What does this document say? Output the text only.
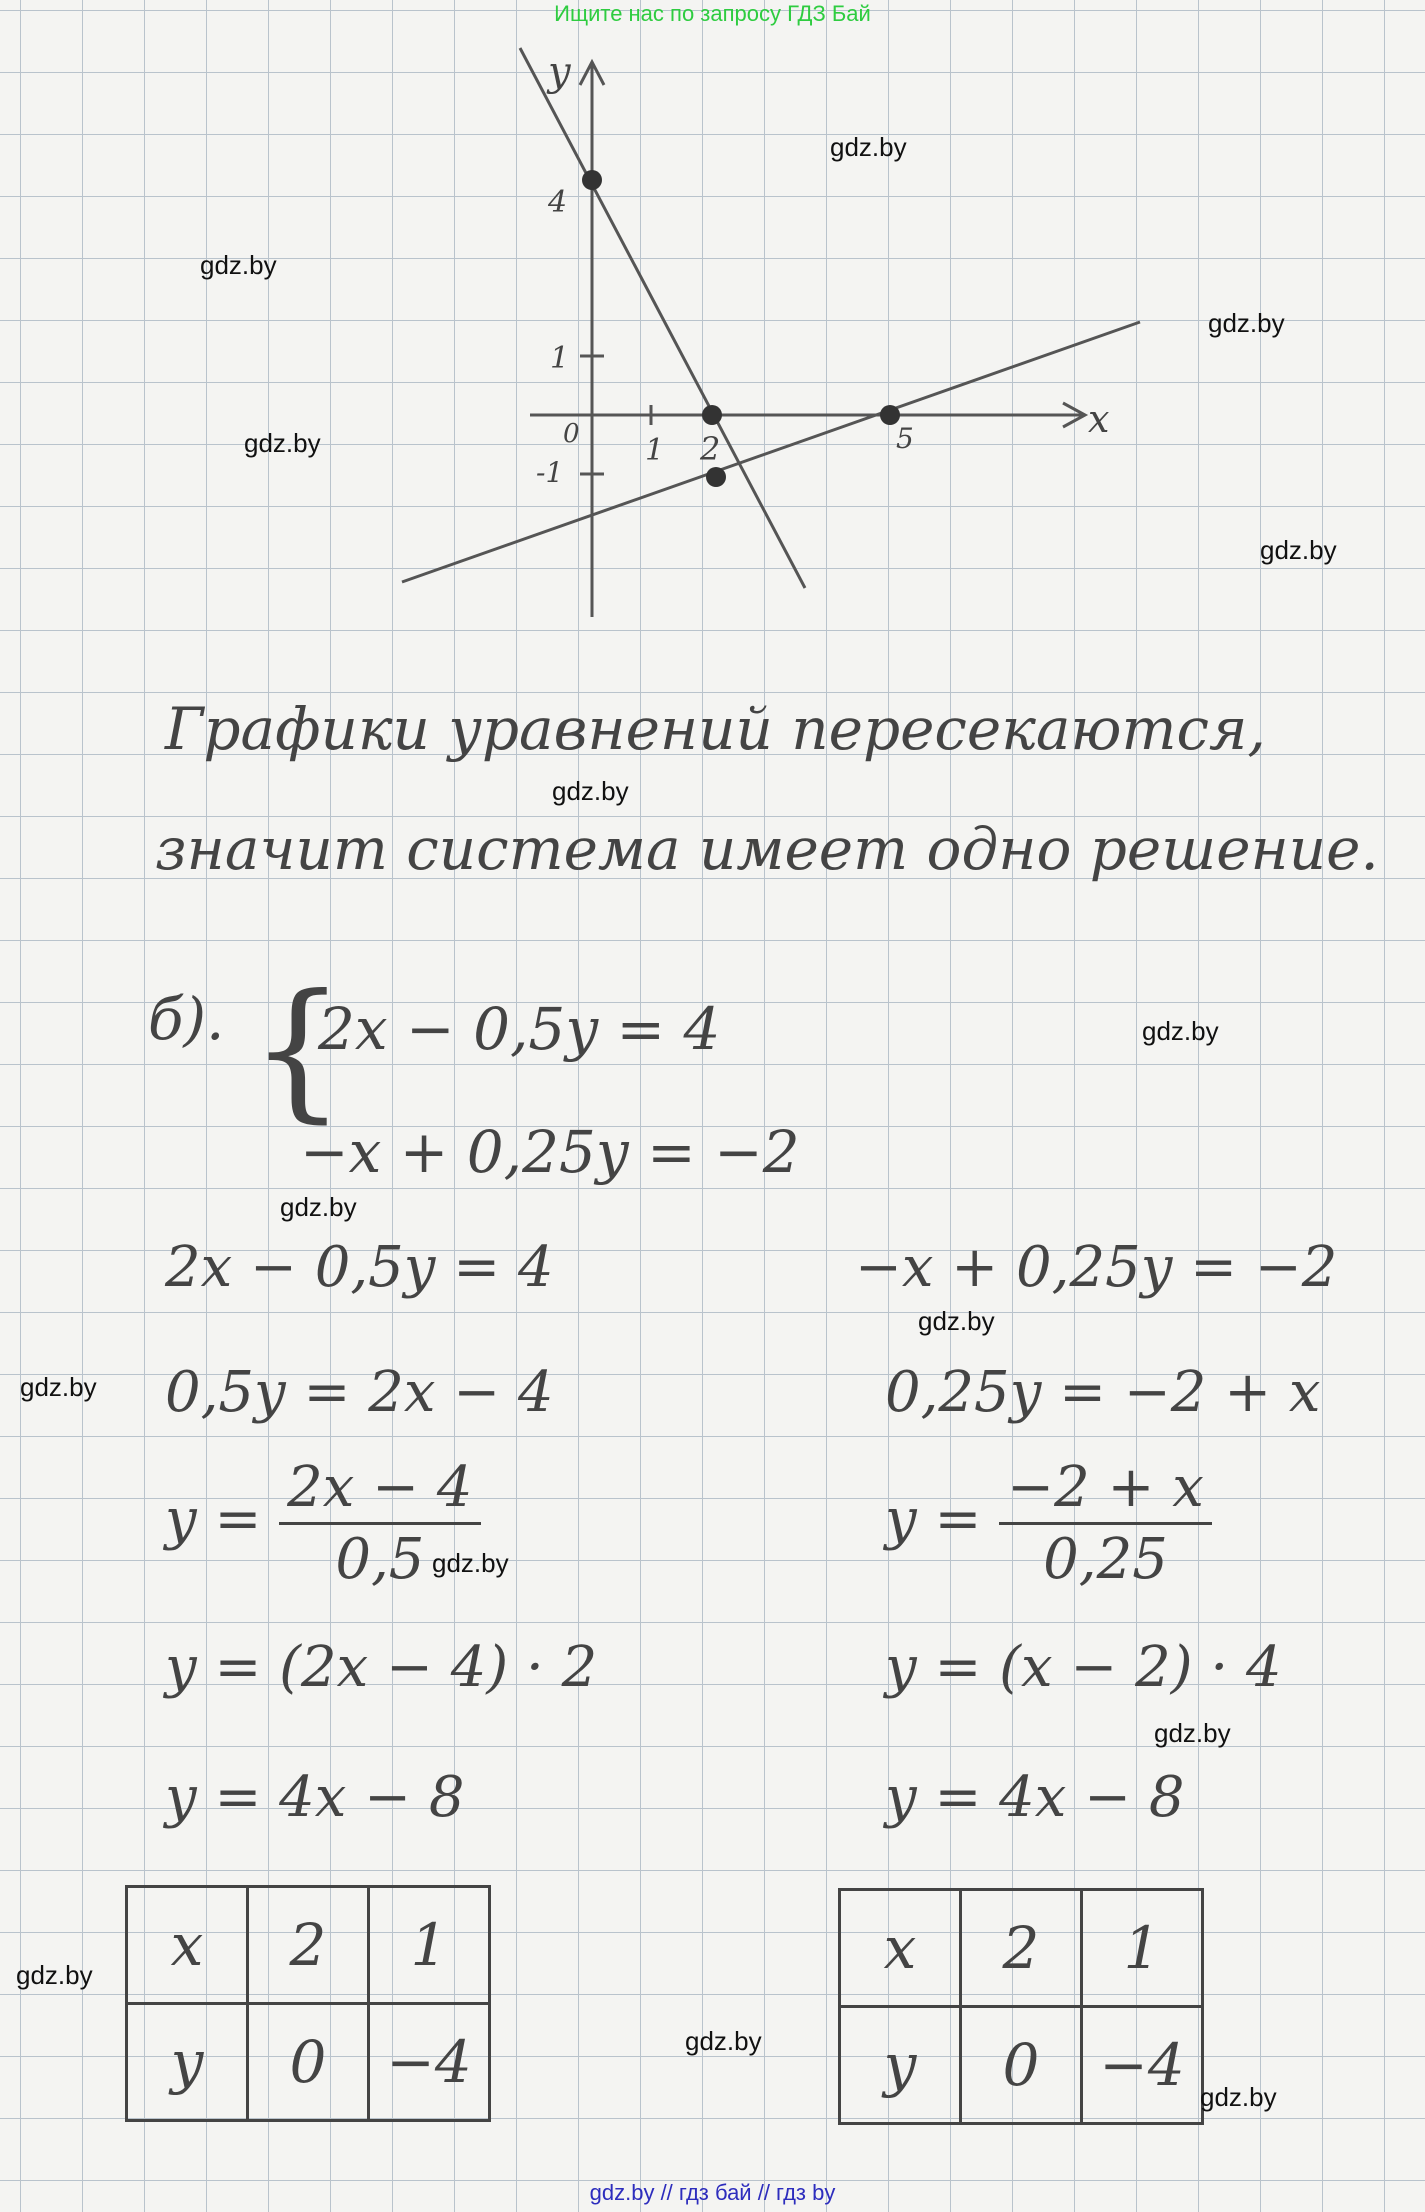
Ищите нас по запросу ГДЗ Бай
gdz.by // гдз бай // гдз by
y
x
4
1
0 1 2	5
-1
Графики уравнений пересекаются,
значит система имеет одно решение.
б). {
2x − 0,5y = 4
−x + 0,25y = −2
2x − 0,5y = 4
0,5y = 2x − 4
$y = \frac{2x - 4}{0,5}$
y = (2x − 4) · 2
y = 4x − 8
−x + 0,25y = −2
0,25y = −2 + x
$y = \frac{-2 + x}{0,25}$
y = (x − 2) · 4
y = 4x − 8
x	2	1
y	0	−4
x	2	1
y	0	−4
gdz.by
gdz.by
gdz.by
gdz.by
gdz.by
gdz.by
gdz.by
gdz.by
gdz.by
gdz.by
gdz.by
gdz.by
gdz.by
gdz.by
gdz.by
